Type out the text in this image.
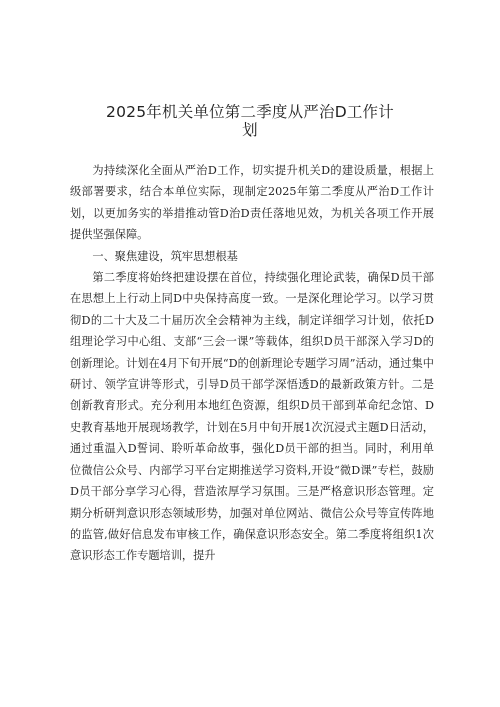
2025年机关单位第二季度从严治D工作计
划

为持续深化全面从严治D工作，切实提升机关D的建设质量，根据上级部署要求，结合本单位实际，现制定2025年第二季度从严治D工作计划，以更加务实的举措推动管D治D责任落地见效，为机关各项工作开展提供坚强保障。

一、聚焦建设，筑牢思想根基

第二季度将始终把建设摆在首位，持续强化理论武装，确保D员干部在思想上上行动上同D中央保持高度一致。一是深化理论学习。以学习贯彻D的二十大及二十届历次全会精神为主线，制定详细学习计划，依托D组理论学习中心组、支部“三会一课”等载体，组织D员干部深入学习D的创新理论。计划在4月下旬开展“D的创新理论专题学习周”活动，通过集中研讨、领学宣讲等形式，引导D员干部学深悟透D的最新政策方针。二是创新教育形式。充分利用本地红色资源，组织D员干部到革命纪念馆、D史教育基地开展现场教学，计划在5月中旬开展1次沉浸式主题D日活动，通过重温入D誓词、聆听革命故事，强化D员干部的担当。同时，利用单位微信公众号、内部学习平台定期推送学习资料,开设“微D课”专栏，鼓励D员干部分享学习心得，营造浓厚学习氛围。三是严格意识形态管理。定期分析研判意识形态领域形势，加强对单位网站、微信公众号等宣传阵地的监管,做好信息发布审核工作，确保意识形态安全。第二季度将组织1次意识形态工作专题培训，提升
